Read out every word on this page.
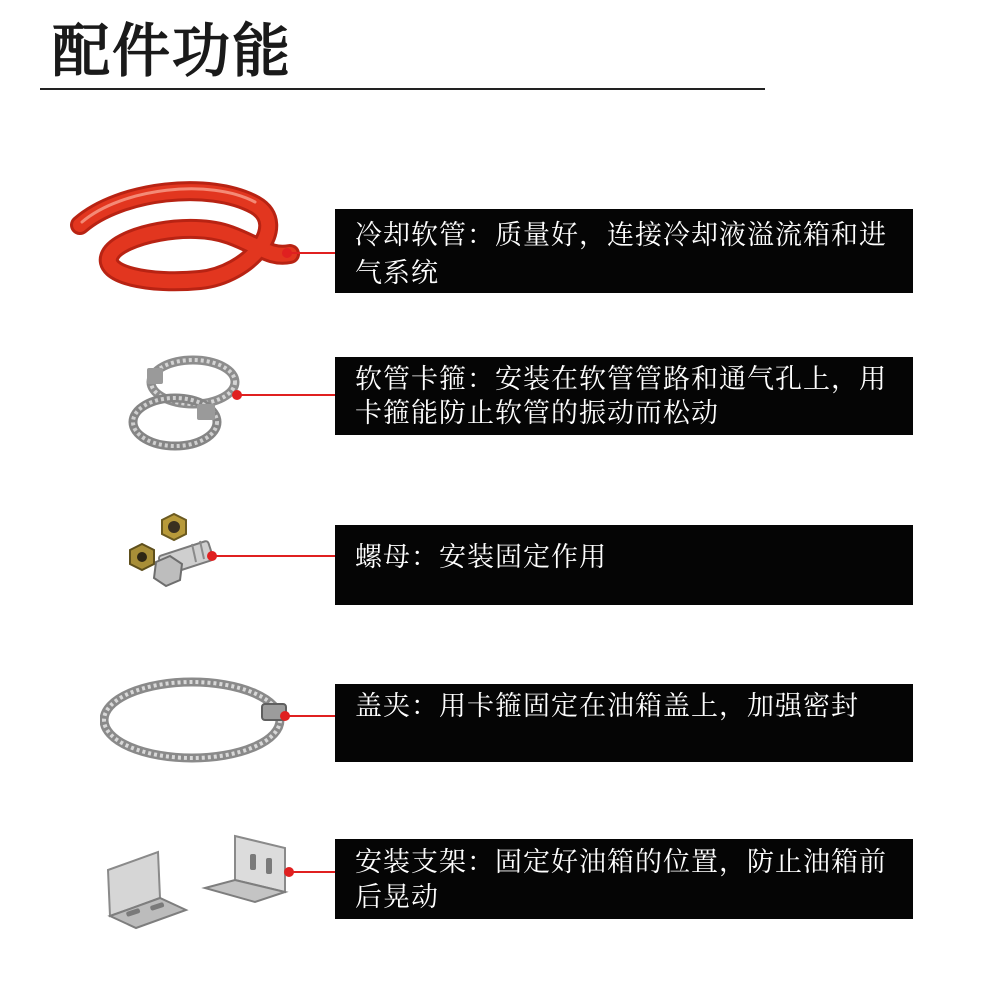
配件功能
冷却软管：质量好，连接冷却液溢流箱和进气系统
软管卡箍：安装在软管管路和通气孔上，用卡箍能防止软管的振动而松动
螺母：安装固定作用
盖夹：用卡箍固定在油箱盖上，加强密封
安装支架：固定好油箱的位置，防止油箱前后晃动
